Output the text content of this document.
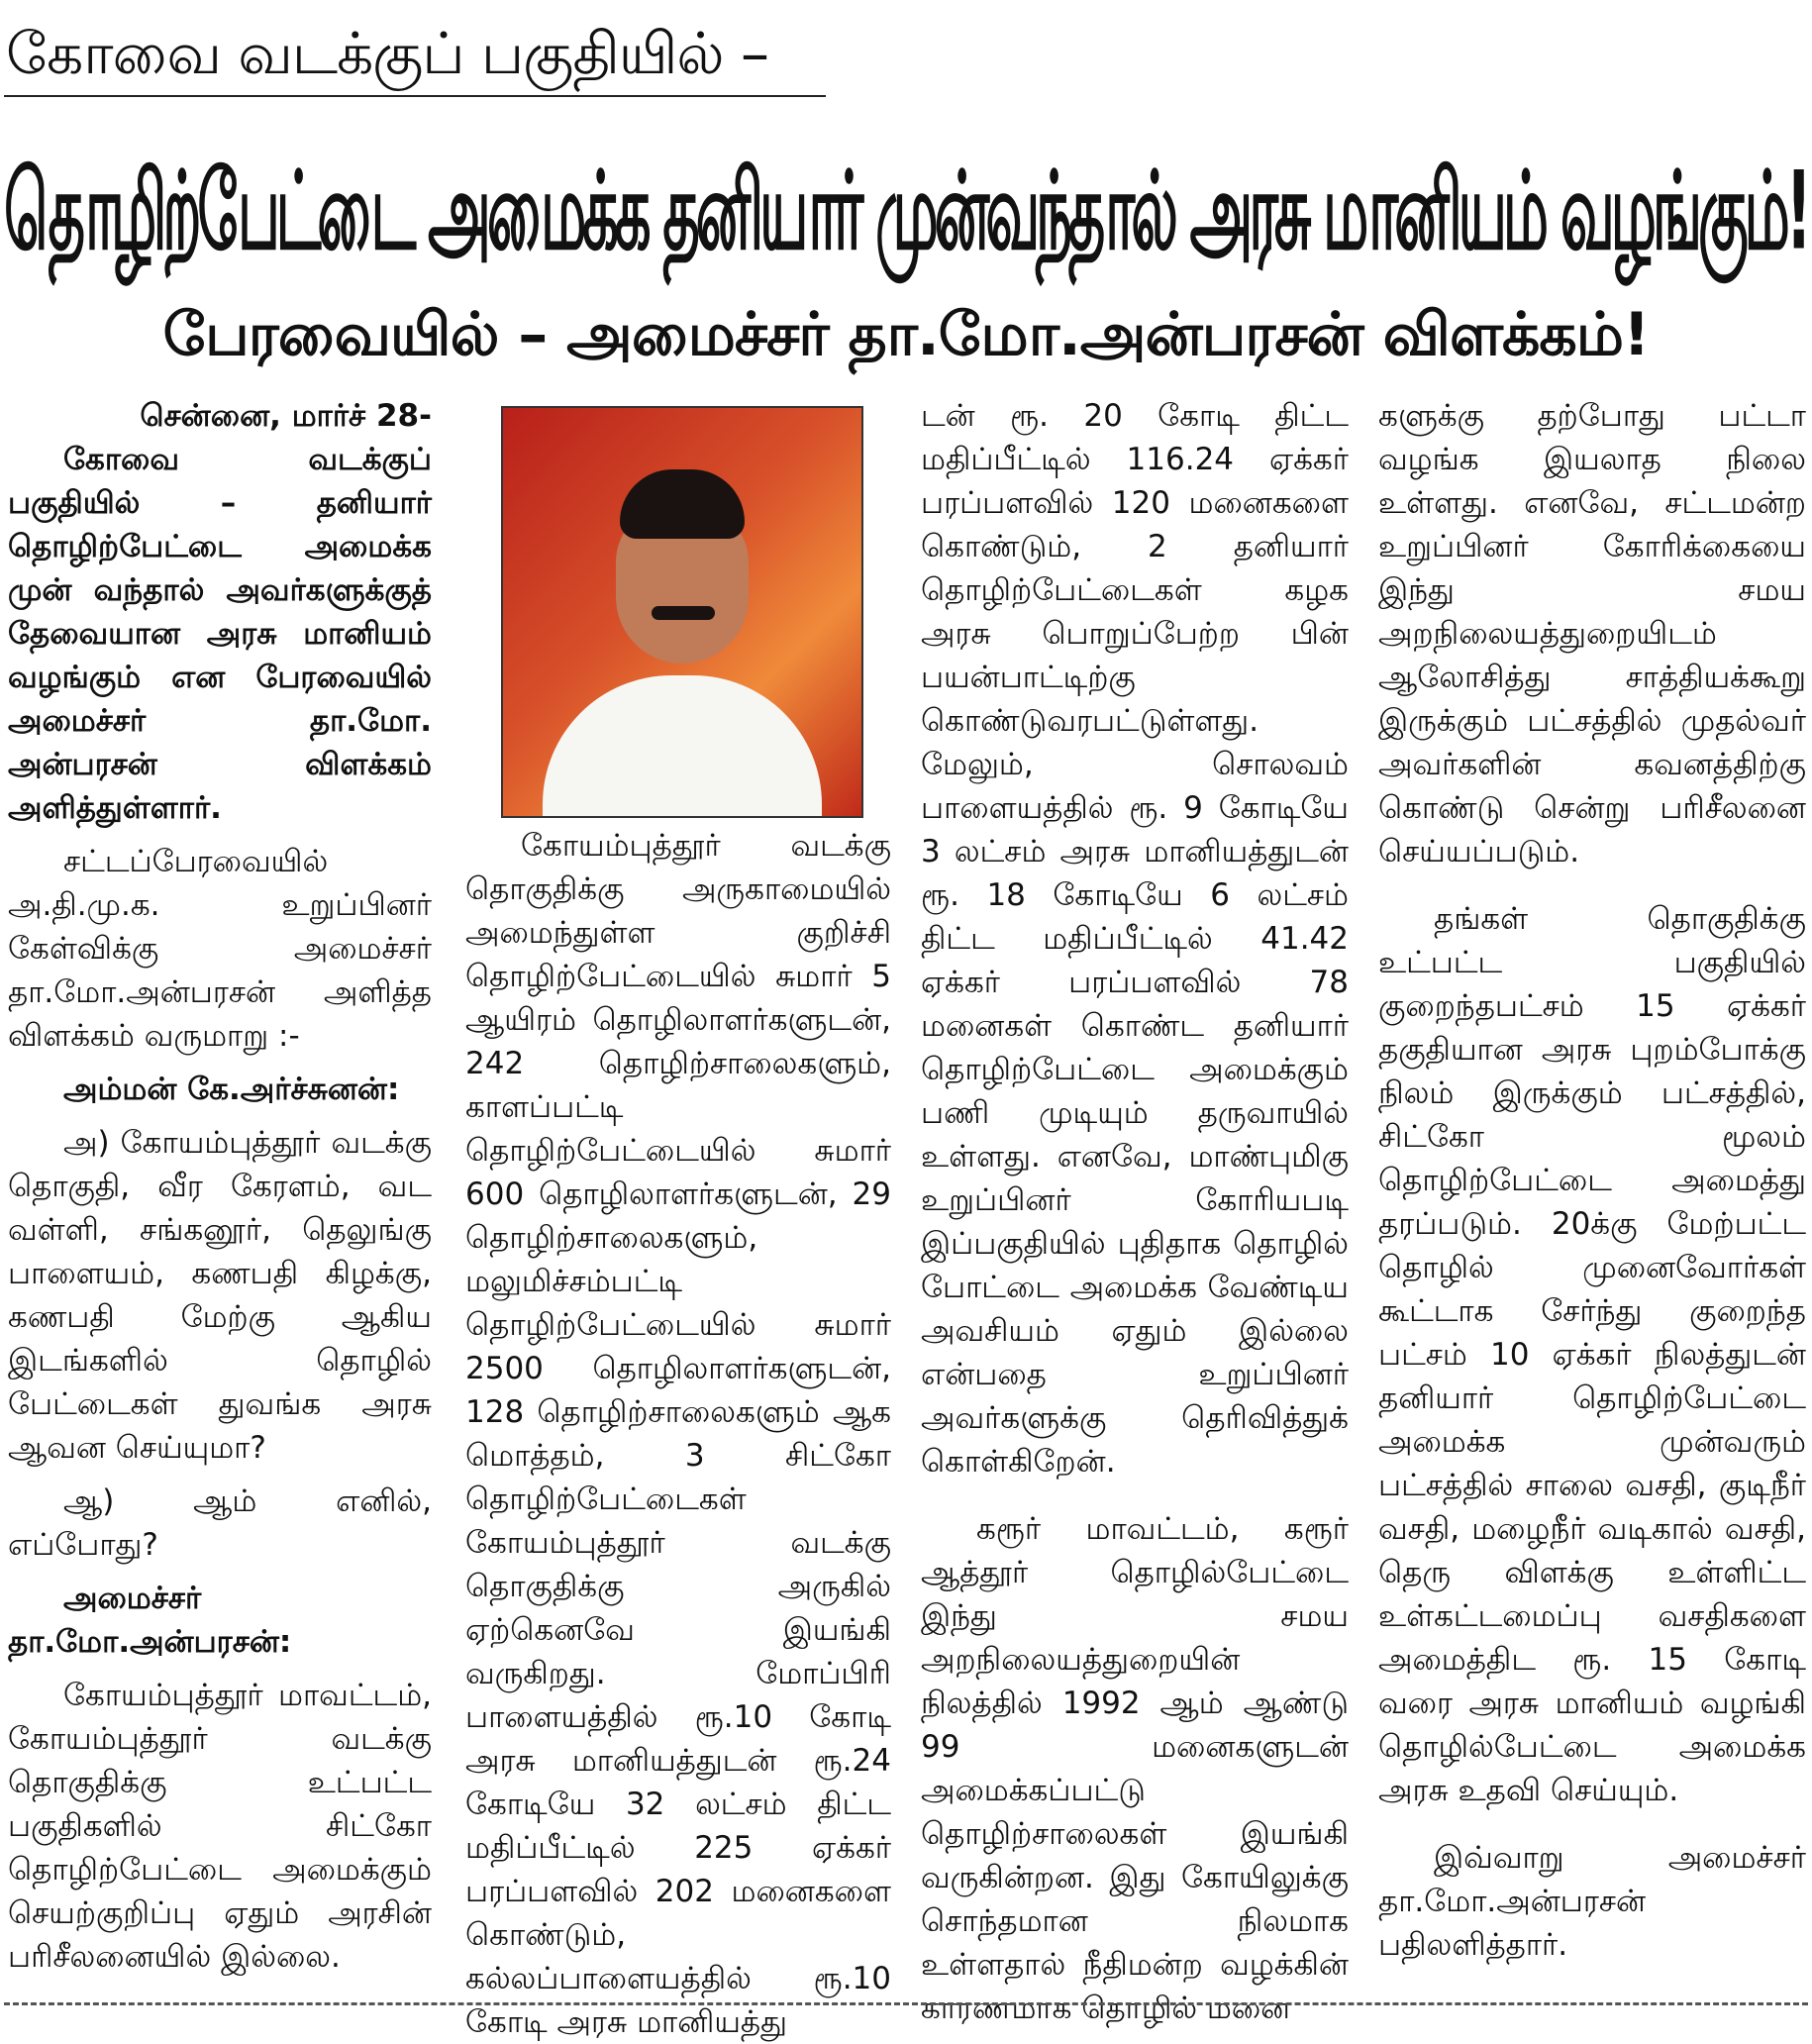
கோவை வடக்குப் பகுதியில் –
தொழிற்பேட்டை அமைக்க தனியார் முன்வந்தால் அரசு மானியம் வழங்கும்!
பேரவையில் – அமைச்சர் தா.மோ.அன்பரசன் விளக்கம்!

சென்னை, மார்ச் 28-

கோவை வடக்குப் பகுதியில் – தனியார் தொழிற்பேட்டை அமைக்க முன் வந்தால் அவர்களுக்குத் தேவையான அரசு மானியம் வழங்கும் என பேரவையில் அமைச்சர் தா.மோ. அன்பரசன் விளக்கம் அளித்துள்ளார்.

சட்டப்பேரவையில் அ.தி.மு.க. உறுப்பினர் கேள்விக்கு அமைச்சர் தா.மோ.அன்பரசன் அளித்த விளக்கம் வருமாறு :-

அம்மன் கே.அர்ச்சுனன்:

அ) கோயம்புத்தூர் வடக்கு தொகுதி, வீர கேரளம், வட வள்ளி, சங்கனூர், தெலுங்கு பாளையம், கணபதி கிழக்கு, கணபதி மேற்கு ஆகிய இடங்களில் தொழில் பேட்டைகள் துவங்க அரசு ஆவன செய்யுமா?

ஆ) ஆம் எனில், எப்போது?

அமைச்சர் தா.மோ.அன்பரசன்:

கோயம்புத்தூர் மாவட்டம், கோயம்புத்தூர் வடக்கு தொகுதிக்கு உட்பட்ட பகுதிகளில் சிட்கோ தொழிற்பேட்டை அமைக்கும் செயற்குறிப்பு ஏதும் அரசின் பரிசீலனையில் இல்லை.

கோயம்புத்தூர் வடக்கு தொகுதிக்கு அருகாமையில் அமைந்துள்ள குறிச்சி தொழிற்பேட்டையில் சுமார் 5 ஆயிரம் தொழிலாளர்களுடன், 242 தொழிற்சாலைகளும், காளப்பட்டி தொழிற்பேட்டையில் சுமார் 600 தொழிலாளர்களுடன், 29 தொழிற்சாலைகளும், மலுமிச்சம்பட்டி தொழிற்பேட்டையில் சுமார் 2500 தொழிலாளர்களுடன், 128 தொழிற்சாலைகளும் ஆக மொத்தம், 3 சிட்கோ தொழிற்பேட்டைகள் கோயம்புத்தூர் வடக்கு தொகுதிக்கு அருகில் ஏற்கெனவே இயங்கி வருகிறது. மோப்பிரி பாளையத்தில் ரூ.10 கோடி அரசு மானியத்துடன் ரூ.24 கோடியே 32 லட்சம் திட்ட மதிப்பீட்டில் 225 ஏக்கர் பரப்பளவில் 202 மனைகளை கொண்டும், கல்லப்பாளையத்தில் ரூ.10 கோடி அரசு மானியத்து

டன் ரூ. 20 கோடி திட்ட மதிப்பீட்டில் 116.24 ஏக்கர் பரப்பளவில் 120 மனைகளை கொண்டும், 2 தனியார் தொழிற்பேட்டைகள் கழக அரசு பொறுப்பேற்ற பின் பயன்பாட்டிற்கு கொண்டுவரபட்டுள்ளது. மேலும், சொலவம் பாளையத்தில் ரூ. 9 கோடியே 3 லட்சம் அரசு மானியத்துடன் ரூ. 18 கோடியே 6 லட்சம் திட்ட மதிப்பீட்டில் 41.42 ஏக்கர் பரப்பளவில் 78 மனைகள் கொண்ட தனியார் தொழிற்பேட்டை அமைக்கும் பணி முடியும் தருவாயில் உள்ளது. எனவே, மாண்புமிகு உறுப்பினர் கோரியபடி இப்பகுதியில் புதிதாக தொழில் போட்டை அமைக்க வேண்டிய அவசியம் ஏதும் இல்லை என்பதை உறுப்பினர் அவர்களுக்கு தெரிவித்துக் கொள்கிறேன்.

கரூர் மாவட்டம், கரூர் ஆத்தூர் தொழில்பேட்டை இந்து சமய அறநிலையத்துறையின் நிலத்தில் 1992 ஆம் ஆண்டு 99 மனைகளுடன் அமைக்கப்பட்டு தொழிற்சாலைகள் இயங்கி வருகின்றன. இது கோயிலுக்கு சொந்தமான நிலமாக உள்ளதால் நீதிமன்ற வழக்கின் காரணமாக தொழில் மனை

களுக்கு தற்போது பட்டா வழங்க இயலாத நிலை உள்ளது. எனவே, சட்டமன்ற உறுப்பினர் கோரிக்கையை இந்து சமய அறநிலையத்துறையிடம் ஆலோசித்து சாத்தியக்கூறு இருக்கும் பட்சத்தில் முதல்வர் அவர்களின் கவனத்திற்கு கொண்டு சென்று பரிசீலனை செய்யப்படும்.

தங்கள் தொகுதிக்கு உட்பட்ட பகுதியில் குறைந்தபட்சம் 15 ஏக்கர் தகுதியான அரசு புறம்போக்கு நிலம் இருக்கும் பட்சத்தில், சிட்கோ மூலம் தொழிற்பேட்டை அமைத்து தரப்படும். 20க்கு மேற்பட்ட தொழில் முனைவோர்கள் கூட்டாக சேர்ந்து குறைந்த பட்சம் 10 ஏக்கர் நிலத்துடன் தனியார் தொழிற்பேட்டை அமைக்க முன்வரும் பட்சத்தில் சாலை வசதி, குடிநீர் வசதி, மழைநீர் வடிகால் வசதி, தெரு விளக்கு உள்ளிட்ட உள்கட்டமைப்பு வசதிகளை அமைத்திட ரூ. 15 கோடி வரை அரசு மானியம் வழங்கி தொழில்பேட்டை அமைக்க அரசு உதவி செய்யும்.

இவ்வாறு அமைச்சர் தா.மோ.அன்பரசன் பதிலளித்தார்.
